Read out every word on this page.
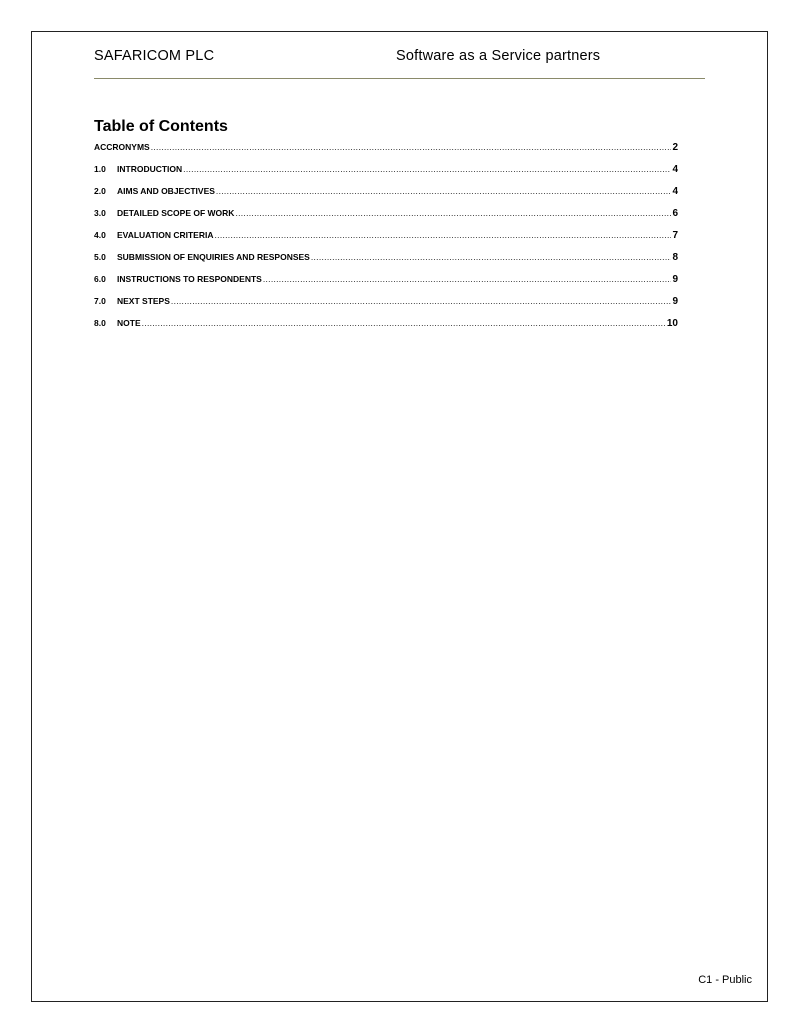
SAFARICOM PLC	Software as a Service partners
Table of Contents
ACCRONYMS .....	2
1.0	INTRODUCTION .....	4
2.0	AIMS AND OBJECTIVES .....	4
3.0	DETAILED SCOPE OF WORK .....	6
4.0	EVALUATION CRITERIA .....	7
5.0	SUBMISSION OF ENQUIRIES AND RESPONSES .....	8
6.0	INSTRUCTIONS TO RESPONDENTS .....	9
7.0	NEXT STEPS .....	9
8.0	NOTE .....	10
C1 - Public
